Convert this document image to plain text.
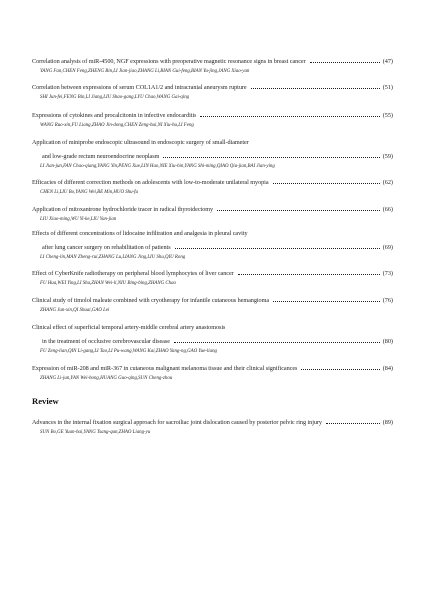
Correlation analysis of miR-4500, NGF expressions with preoperative magnetic resonance signs in breast cancer	(47)
YANG Fan,CHEN Feng,ZHENG Bin,LI Jian-jiao,ZHANG Li,BIAN Gui-feng,BIAN Yu-jing,JANG Xiao-yan
Correlation between expressions of serum COL1A1/2 and intracranial aneurysm rupture	(51)
SHI Jun-fei,FENG Bin,LI Jiang,LIU Shao-gang,LYU Chao,WANG Gai-qing
Expressions of cytokines and procalcitonin in infective endocarditis	(55)
WANG Ruo-xin,FU Liang,ZHAO Jin-dong,CHEN Zeng-hui,NI Xiu-hu,LI Feng
Application of miniprobe endoscopic ultrasound in endoscopic surgery of small-diameter
and low-grade rectum neuroendocrine neoplasm	(59)
LI Jian-jun,FAN Chao-qiang,YANG Yin,PENG Xue,LIN Hao,NIE Xiu-bin,YANG Shi-ming,QIAO Qiu-jian,BAI Jian-ying
Efficacies of different correction methods on adolescents with low-to-moderate unilateral myopia	(62)
CHEN Li,LIU Bo,YANG Wei,BE Min,HUO Shu-fu
Application of mitoxantrone hydrochloride tracer in radical thyroidectomy	(66)
LIU Xiao-ming,WU Yi-ke,LIU Yan-jian
Effects of different concentrations of lidocaine infiltration and analgesia in pleural cavity
after lung cancer surgery on rehabilitation of patients	(69)
LI Cheng-lin,MAN Zheng-rui,ZHANG Lu,LIANG Jing,LIU Shu,QIU Rong
Effect of CyberKnife radiotherapy on peripheral blood lymphocytes of liver cancer	(73)
FU Hua,WEI Ying,LI Sha,ZHAN Wei-li,NIU Bing-bing,ZHANG Chao
Clinical study of timolol maleate combined with cryotherapy for infantile cutaneous hemangioma	(76)
ZHANG Jun-xin,QI Shuai,GAO Lei
Clinical effect of superficial temporal artery-middle cerebral artery anastomosis
in the treatment of occlusive cerebrovascular disease	(80)
FU Zeng-lian,QIN Li-gang,LI Tao,LI Pu-wang,WANG Kai,ZHAO Yang-ng,GAO Yue-liang
Expression of miR-208 and miR-367 in cutaneous malignant melanoma tissue and their clinical significances	(84)
ZHANG Li-jun,YAN Wei-hong,HUANG Guo-qing,SUN Cheng-zhou
Advances in the internal fixation surgical approach for sacroiliac joint dislocation caused by posterior pelvic ring injury	(89)
SUN Bo,GE Yuan-hai,YANG Tsang-qun,ZHAO Liang-yu
Review
